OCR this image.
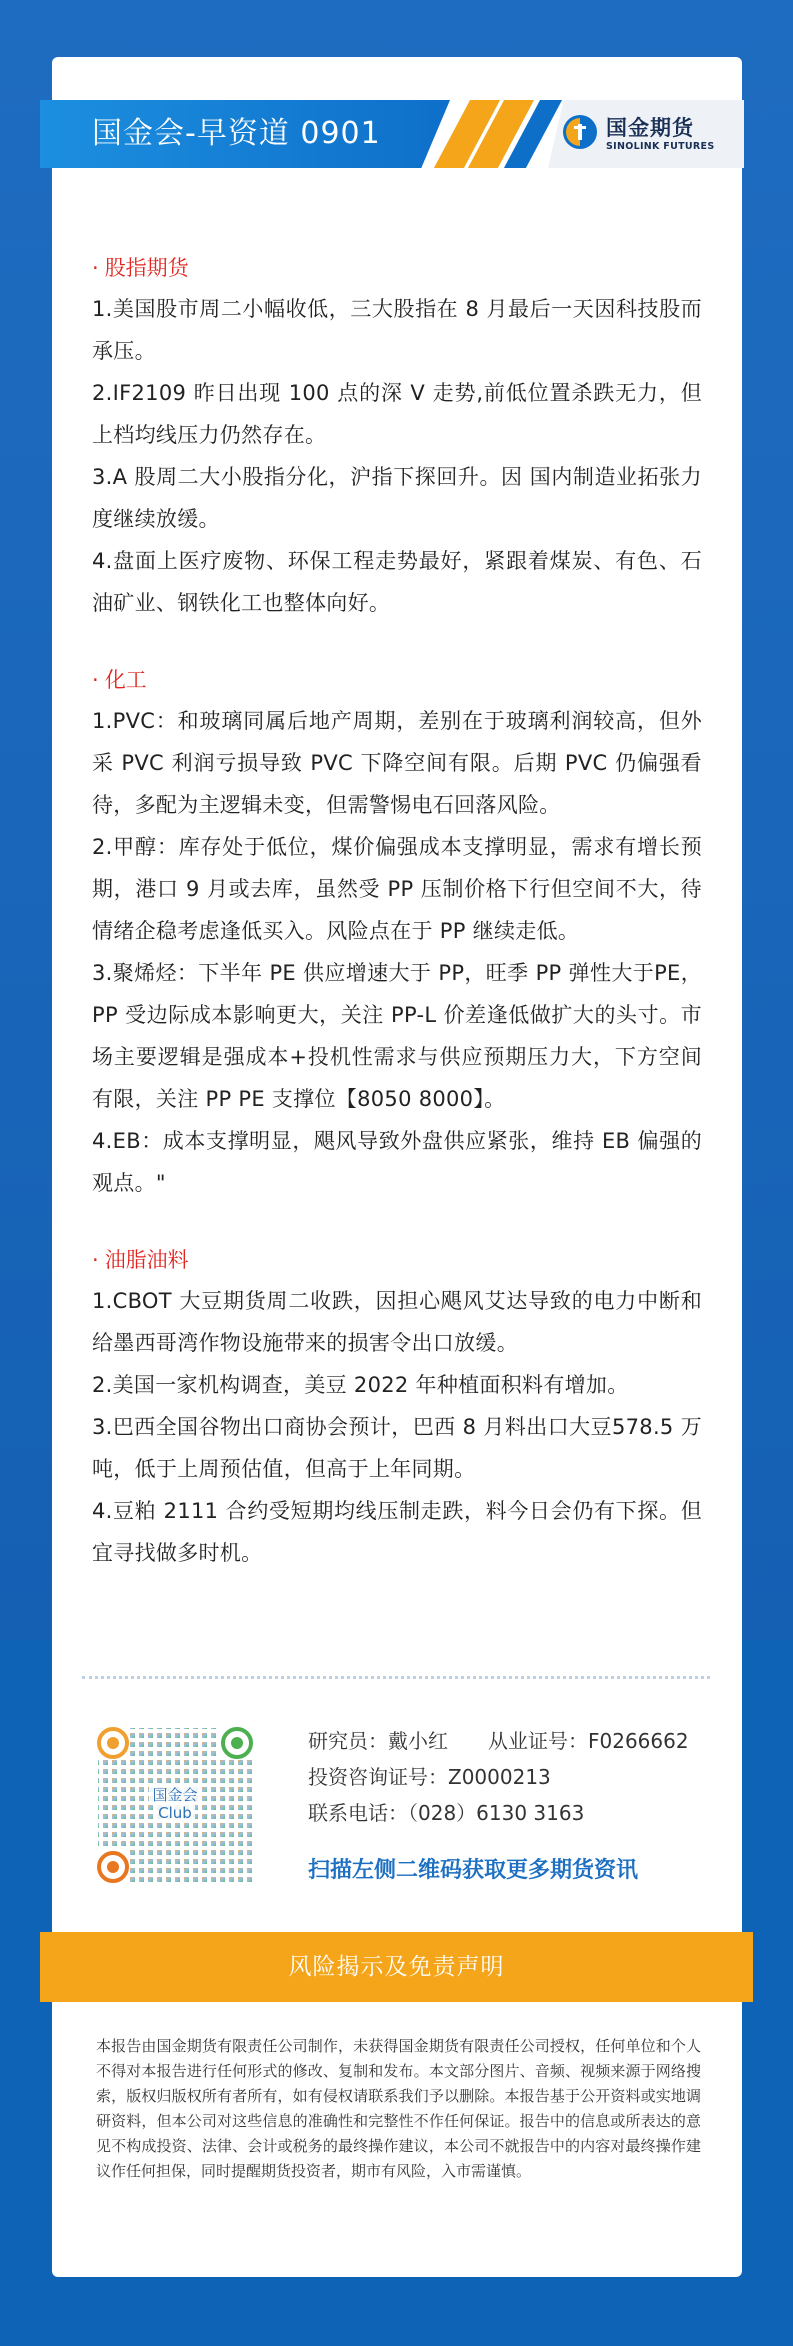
国金会-早资道 0901	国金期货
SINOLINK FUTURES
· 股指期货

1.美国股市周二小幅收低，三大股指在 8 月最后一天因科技股而承压。

2.IF2109 昨日出现 100 点的深 V 走势,前低位置杀跌无力，但上档均线压力仍然存在。

3.A 股周二大小股指分化，沪指下探回升。因 国内制造业拓张力度继续放缓。

4.盘面上医疗废物、环保工程走势最好，紧跟着煤炭、有色、石油矿业、钢铁化工也整体向好。

· 化工

1.PVC：和玻璃同属后地产周期，差别在于玻璃利润较高，但外采 PVC 利润亏损导致 PVC 下降空间有限。后期 PVC 仍偏强看待，多配为主逻辑未变，但需警惕电石回落风险。

2.甲醇：库存处于低位，煤价偏强成本支撑明显，需求有增长预期，港口 9 月或去库，虽然受 PP 压制价格下行但空间不大，待情绪企稳考虑逢低买入。风险点在于 PP 继续走低。

3.聚烯烃：下半年 PE 供应增速大于 PP，旺季 PP 弹性大于PE，PP 受边际成本影响更大，关注 PP-L 价差逢低做扩大的头寸。市场主要逻辑是强成本+投机性需求与供应预期压力大，下方空间有限，关注 PP PE 支撑位【8050 8000】。

4.EB：成本支撑明显，飓风导致外盘供应紧张，维持 EB 偏强的观点。"

· 油脂油料

1.CBOT 大豆期货周二收跌，因担心飓风艾达导致的电力中断和给墨西哥湾作物设施带来的损害令出口放缓。

2.美国一家机构调查，美豆 2022 年种植面积料有增加。

3.巴西全国谷物出口商协会预计，巴西 8 月料出口大豆578.5 万吨，低于上周预估值，但高于上年同期。

4.豆粕 2111 合约受短期均线压制走跌，料今日会仍有下探。但宜寻找做多时机。

国金会
Club
研究员：戴小红　　从业证号：F0266662
投资咨询证号：Z0000213
联系电话：（028）6130 3163
扫描左侧二维码获取更多期货资讯
风险揭示及免责声明
本报告由国金期货有限责任公司制作，未获得国金期货有限责任公司授权，任何单位和个人不得对本报告进行任何形式的修改、复制和发布。本文部分图片、音频、视频来源于网络搜索，版权归版权所有者所有，如有侵权请联系我们予以删除。本报告基于公开资料或实地调研资料，但本公司对这些信息的准确性和完整性不作任何保证。报告中的信息或所表达的意见不构成投资、法律、会计或税务的最终操作建议，本公司不就报告中的内容对最终操作建议作任何担保，同时提醒期货投资者，期市有风险，入市需谨慎。
